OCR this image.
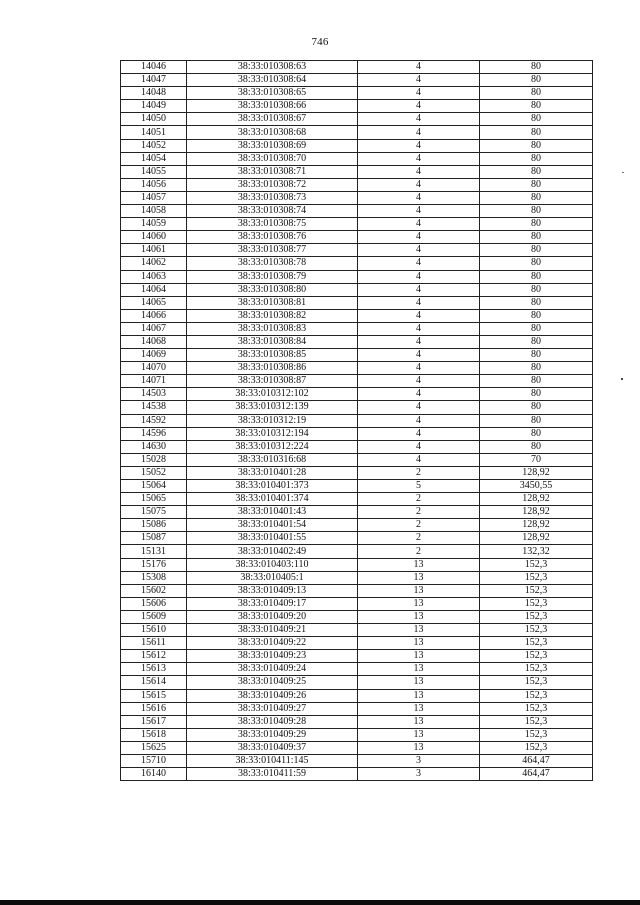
746
14046	38:33:010308:63	4	80
14047	38:33:010308:64	4	80
14048	38:33:010308:65	4	80
14049	38:33:010308:66	4	80
14050	38:33:010308:67	4	80
14051	38:33:010308:68	4	80
14052	38:33:010308:69	4	80
14054	38:33:010308:70	4	80
14055	38:33:010308:71	4	80
14056	38:33:010308:72	4	80
14057	38:33:010308:73	4	80
14058	38:33:010308:74	4	80
14059	38:33:010308:75	4	80
14060	38:33:010308:76	4	80
14061	38:33:010308:77	4	80
14062	38:33:010308:78	4	80
14063	38:33:010308:79	4	80
14064	38:33:010308:80	4	80
14065	38:33:010308:81	4	80
14066	38:33:010308:82	4	80
14067	38:33:010308:83	4	80
14068	38:33:010308:84	4	80
14069	38:33:010308:85	4	80
14070	38:33:010308:86	4	80
14071	38:33:010308:87	4	80
14503	38:33:010312:102	4	80
14538	38:33:010312:139	4	80
14592	38:33:010312:19	4	80
14596	38:33:010312:194	4	80
14630	38:33:010312:224	4	80
15028	38:33:010316:68	4	70
15052	38:33:010401:28	2	128,92
15064	38:33:010401:373	5	3450,55
15065	38:33:010401:374	2	128,92
15075	38:33:010401:43	2	128,92
15086	38:33:010401:54	2	128,92
15087	38:33:010401:55	2	128,92
15131	38:33:010402:49	2	132,32
15176	38:33:010403:110	13	152,3
15308	38:33:010405:1	13	152,3
15602	38:33:010409:13	13	152,3
15606	38:33:010409:17	13	152,3
15609	38:33:010409:20	13	152,3
15610	38:33:010409:21	13	152,3
15611	38:33:010409:22	13	152,3
15612	38:33:010409:23	13	152,3
15613	38:33:010409:24	13	152,3
15614	38:33:010409:25	13	152,3
15615	38:33:010409:26	13	152,3
15616	38:33:010409:27	13	152,3
15617	38:33:010409:28	13	152,3
15618	38:33:010409:29	13	152,3
15625	38:33:010409:37	13	152,3
15710	38:33:010411:145	3	464,47
16140	38:33:010411:59	3	464,47
